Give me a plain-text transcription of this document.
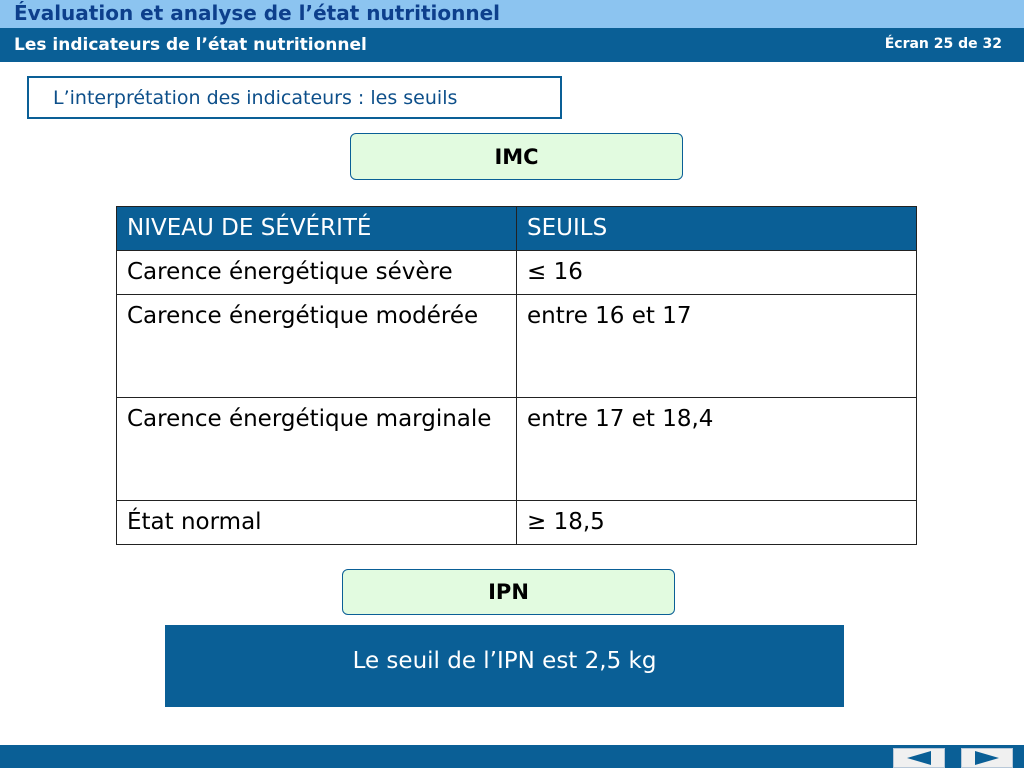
Évaluation et analyse de l’état nutritionnel
Les indicateurs de l’état nutritionnel	Écran 25 de 32
L’interprétation des indicateurs : les seuils
IMC
NIVEAU DE SÉVÉRITÉ	SEUILS
Carence énergétique sévère	≤ 16
Carence énergétique modérée	entre 16 et 17
Carence énergétique marginale	entre 17 et 18,4
État normal	≥ 18,5
IPN
Le seuil de l’IPN est 2,5 kg
